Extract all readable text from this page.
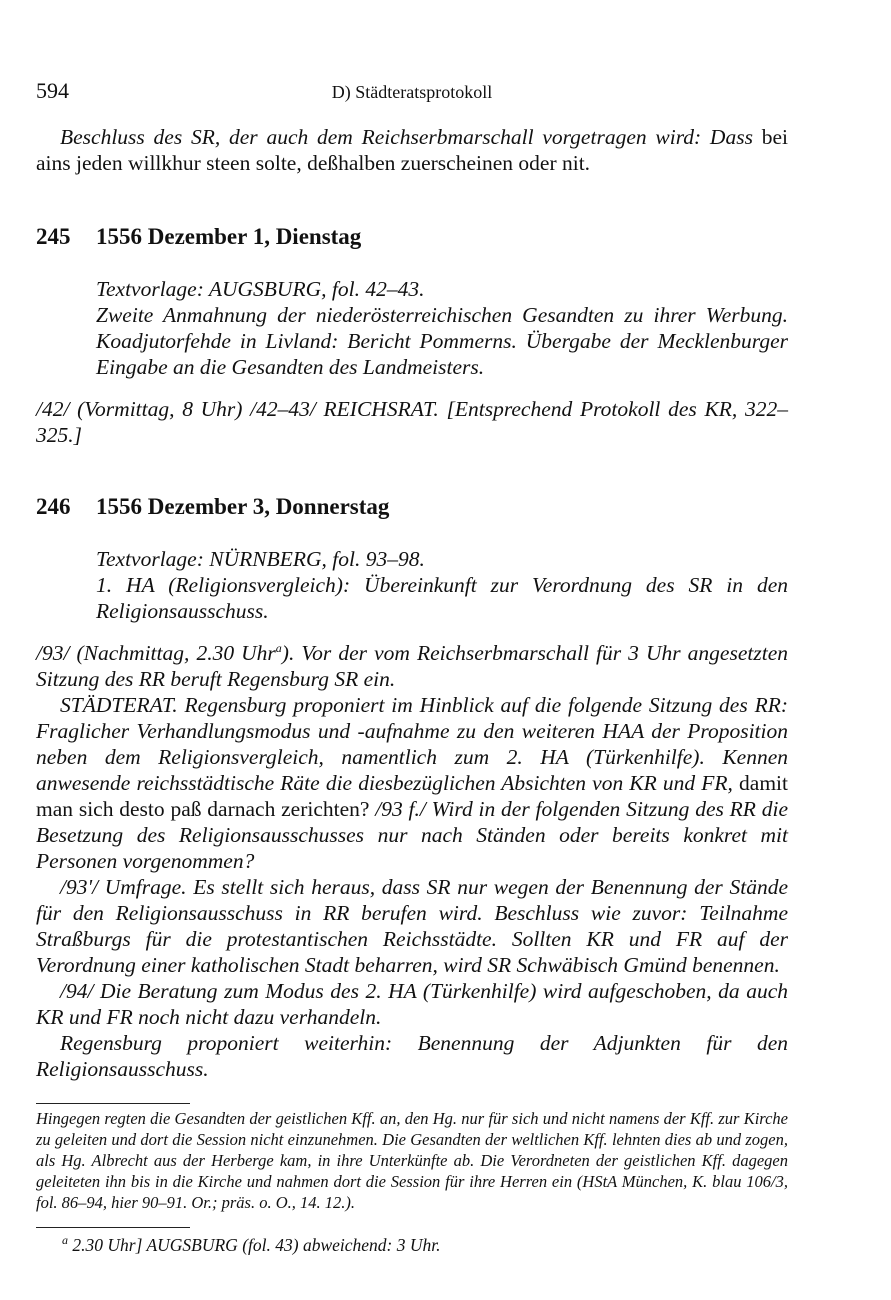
594	D) Städteratsprotokoll

Beschluss des SR, der auch dem Reichserbmarschall vorgetragen wird: Dass bei ains jeden willkhur steen solte, deßhalben zuerscheinen oder nit.

245 1556 Dezember 1, Dienstag

Textvorlage: AUGSBURG, fol. 42–43.

Zweite Anmahnung der niederösterreichischen Gesandten zu ihrer Werbung. Koadjutorfehde in Livland: Bericht Pommerns. Übergabe der Mecklenburger Eingabe an die Gesandten des Landmeisters.

/42/ (Vormittag, 8 Uhr) /42–43/ REICHSRAT. [Entsprechend Protokoll des KR, 322–325.]

246 1556 Dezember 3, Donnerstag

Textvorlage: NÜRNBERG, fol. 93–98.

1. HA (Religionsvergleich): Übereinkunft zur Verordnung des SR in den Religionsausschuss.

/93/ (Nachmittag, 2.30 Uhr$^a$). Vor der vom Reichserbmarschall für 3 Uhr angesetzten Sitzung des RR beruft Regensburg SR ein.

STÄDTERAT. Regensburg proponiert im Hinblick auf die folgende Sitzung des RR: Fraglicher Verhandlungsmodus und -aufnahme zu den weiteren HAA der Proposition neben dem Religionsvergleich, namentlich zum 2. HA (Türkenhilfe). Kennen anwesende reichsstädtische Räte die diesbezüglichen Absichten von KR und FR, damit man sich desto paß darnach zerichten? /93 f./ Wird in der folgenden Sitzung des RR die Besetzung des Religionsausschusses nur nach Ständen oder bereits konkret mit Personen vorgenommen?

/93'/ Umfrage. Es stellt sich heraus, dass SR nur wegen der Benennung der Stände für den Religionsausschuss in RR berufen wird. Beschluss wie zuvor: Teilnahme Straßburgs für die protestantischen Reichsstädte. Sollten KR und FR auf der Verordnung einer katholischen Stadt beharren, wird SR Schwäbisch Gmünd benennen.

/94/ Die Beratung zum Modus des 2. HA (Türkenhilfe) wird aufgeschoben, da auch KR und FR noch nicht dazu verhandeln.

Regensburg proponiert weiterhin: Benennung der Adjunkten für den Religionsausschuss.

Hingegen regten die Gesandten der geistlichen Kff. an, den Hg. nur für sich und nicht namens der Kff. zur Kirche zu geleiten und dort die Session nicht einzunehmen. Die Gesandten der weltlichen Kff. lehnten dies ab und zogen, als Hg. Albrecht aus der Herberge kam, in ihre Unterkünfte ab. Die Verordneten der geistlichen Kff. dagegen geleiteten ihn bis in die Kirche und nahmen dort die Session für ihre Herren ein (HStA München, K. blau 106/3, fol. 86–94, hier 90–91. Or.; präs. o. O., 14. 12.).

$^a$ 2.30 Uhr] AUGSBURG (fol. 43) abweichend: 3 Uhr.
